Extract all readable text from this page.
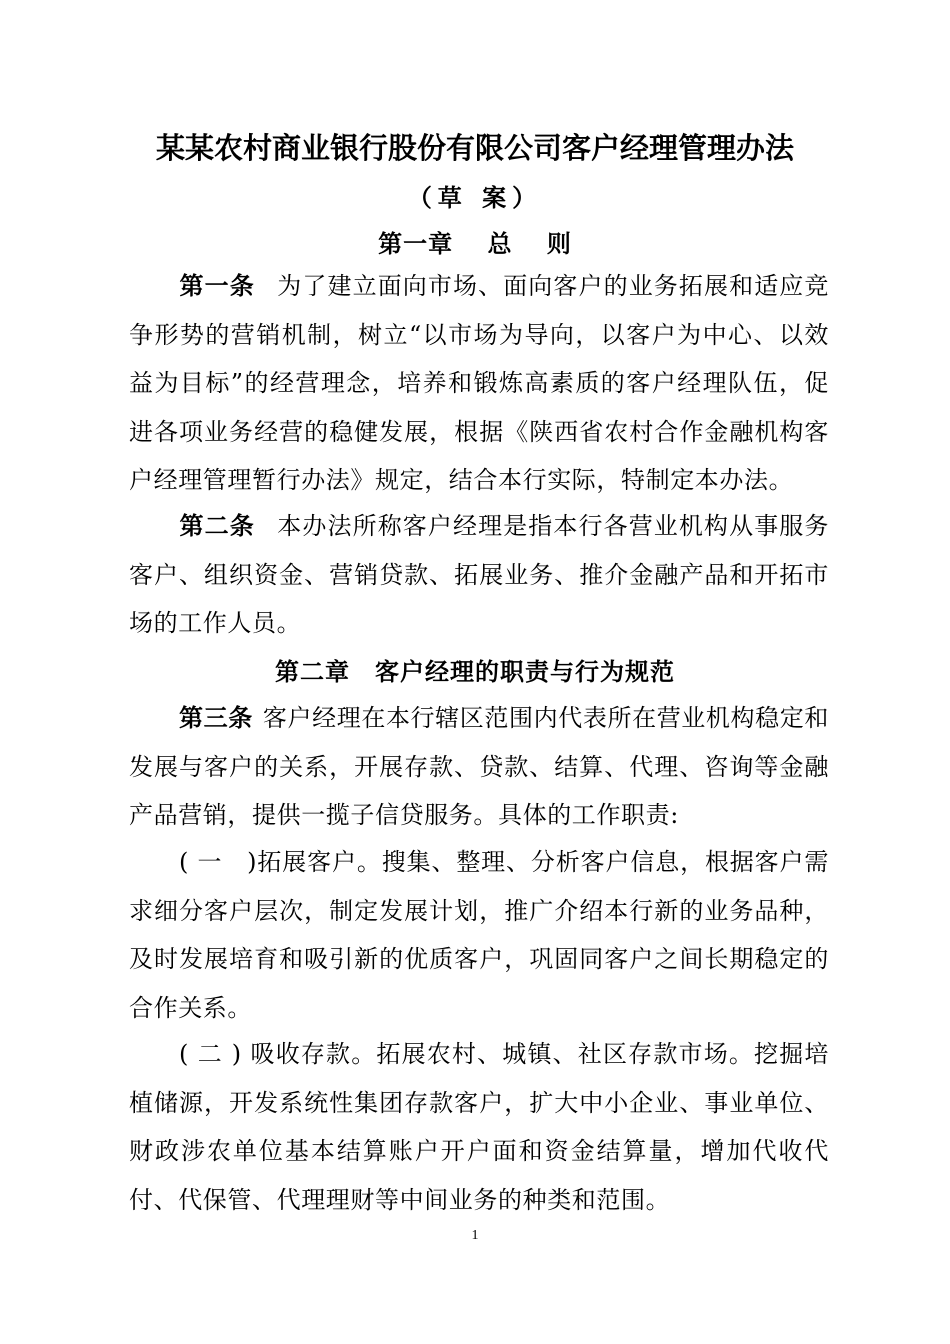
某某农村商业银行股份有限公司客户经理管理办法
（草 案）
第一章　 总　 则
第一条 为了建立面向市场、面向客户的业务拓展和适应竞争形势的营销机制，树立“以市场为导向，以客户为中心、以效益为目标”的经营理念，培养和锻炼高素质的客户经理队伍，促进各项业务经营的稳健发展，根据《陕西省农村合作金融机构客户经理管理暂行办法》规定，结合本行实际，特制定本办法。
第二条 本办法所称客户经理是指本行各营业机构从事服务客户、组织资金、营销贷款、拓展业务、推介金融产品和开拓市场的工作人员。
第二章　客户经理的职责与行为规范
第三条 客户经理在本行辖区范围内代表所在营业机构稳定和发展与客户的关系，开展存款、贷款、结算、代理、咨询等金融产品营销，提供一揽子信贷服务。具体的工作职责:
( 一　)拓展客户。搜集、整理、分析客户信息，根据客户需求细分客户层次，制定发展计划，推广介绍本行新的业务品种，及时发展培育和吸引新的优质客户，巩固同客户之间长期稳定的合作关系。
( 二 ) 吸收存款。拓展农村、城镇、社区存款市场。挖掘培植储源，开发系统性集团存款客户，扩大中小企业、事业单位、财政涉农单位基本结算账户开户面和资金结算量，增加代收代付、代保管、代理理财等中间业务的种类和范围。
1
